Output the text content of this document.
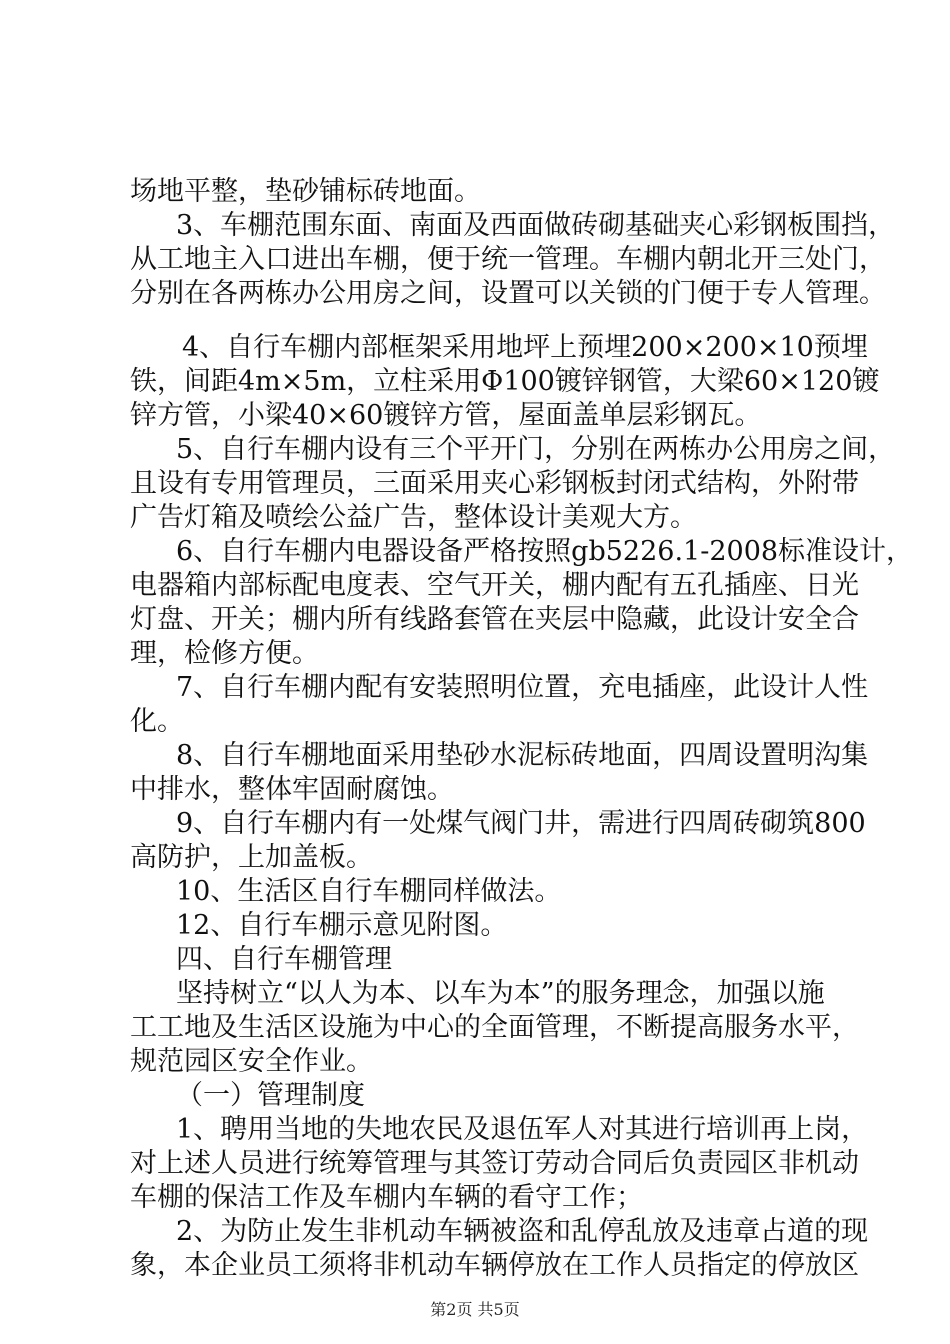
场地平整，垫砂铺标砖地面。
3、车棚范围东面、南面及西面做砖砌基础夹心彩钢板围挡，
从工地主入口进出车棚，便于统一管理。车棚内朝北开三处门，
分别在各两栋办公用房之间，设置可以关锁的门便于专人管理。
4、自行车棚内部框架采用地坪上预埋200×200×10预埋
铁，间距4m×5m，立柱采用Φ100镀锌钢管，大梁60×120镀
锌方管，小梁40×60镀锌方管，屋面盖单层彩钢瓦。
5、自行车棚内设有三个平开门，分别在两栋办公用房之间，
且设有专用管理员，三面采用夹心彩钢板封闭式结构，外附带
广告灯箱及喷绘公益广告，整体设计美观大方。
6、自行车棚内电器设备严格按照gb5226.1-2008标准设计，
电器箱内部标配电度表、空气开关，棚内配有五孔插座、日光
灯盘、开关；棚内所有线路套管在夹层中隐藏，此设计安全合
理，检修方便。
7、自行车棚内配有安装照明位置，充电插座，此设计人性
化。
8、自行车棚地面采用垫砂水泥标砖地面，四周设置明沟集
中排水，整体牢固耐腐蚀。
9、自行车棚内有一处煤气阀门井，需进行四周砖砌筑800
高防护，上加盖板。
10、生活区自行车棚同样做法。
12、自行车棚示意见附图。
四、自行车棚管理
坚持树立“以人为本、以车为本”的服务理念，加强以施
工工地及生活区设施为中心的全面管理，不断提高服务水平，
规范园区安全作业。
（一）管理制度
1、聘用当地的失地农民及退伍军人对其进行培训再上岗，
对上述人员进行统筹管理与其签订劳动合同后负责园区非机动
车棚的保洁工作及车棚内车辆的看守工作；
2、为防止发生非机动车辆被盗和乱停乱放及违章占道的现
象，本企业员工须将非机动车辆停放在工作人员指定的停放区
第2页 共5页
